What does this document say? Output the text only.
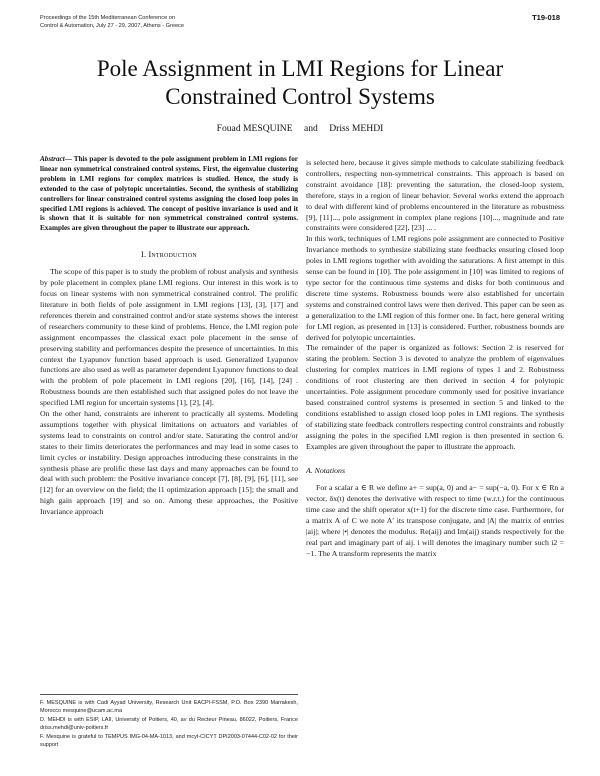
Proceedings of the 15th Mediterranean Conference on
Control & Automation, July 27 - 29, 2007, Athens - Greece
T19-018
Pole Assignment in LMI Regions for Linear
Constrained Control Systems
Fouad MESQUINE and Driss MEHDI
Abstract— This paper is devoted to the pole assignment problem in LMI regions for linear non symmetrical constrained control systems. First, the eigenvalue clustering problem in LMI regions for complex matrices is studied. Hence, the study is extended to the case of polytopic uncertainties. Second, the synthesis of stabilizing controllers for linear constrained control systems assigning the closed loop poles in specified LMI regions is achieved. The concept of positive invariance is used and it is shown that it is suitable for non symmetrical constrained control systems. Examples are given throughout the paper to illustrate our approach.
I. Introduction

The scope of this paper is to study the problem of robust analysis and synthesis by pole placement in complex plane LMI regions. Our interest in this work is to focus on linear systems with non symmetrical constrained control. The prolific literature in both fields of pole assignment in LMI regions [13], [3], [17] and references therein and constrained control and/or state systems shows the interest of researchers community to these kind of problems. Hence, the LMI region pole assignment encompasses the classical exact pole placement in the sense of preserving stability and performances despite the presence of uncertainties. In this context the Lyapunov function based approach is used. Generalized Lyapunov functions are also used as well as parameter dependent Lyapunov functions to deal with the problem of pole placement in LMI regions [20], [16], [14], [24] . Robustness bounds are then established such that assigned poles do not leave the specified LMI region for uncertain systems [1], [2], [4].

On the other hand, constraints are inherent to practically all systems. Modeling assumptions together with physical limitations on actuators and variables of systems lead to constraints on control and/or state. Saturating the control and/or states to their limits deteriorates the performances and may lead in some cases to limit cycles or instability. Design approaches introducing these constraints in the synthesis phase are prolific these last days and many approaches can be found to deal with such problem: the Positive invariance concept [7], [8], [9], [6], [11], see [12] for an overview on the field; the l1 optimization approach [15]; the small and high gain approach [19] and so on. Among these approaches, the Positive Invariance approach

is selected here, because it gives simple methods to calculate stabilizing feedback controllers, respecting non-symmetrical constraints. This approach is based on constraint avoidance [18]: preventing the saturation, the closed-loop system, therefore, stays in a region of linear behavior. Several works extend the approach to deal with different kind of problems encountered in the literature as robustness [9], [11]..., pole assignment in complex plane regions [10]..., magnitude and rate constraints were considered [22], [23] ... .

In this work, techniques of LMI regions pole assignment are connected to Positive Invariance methods to synthesize stabilizing state feedbacks ensuring closed loop poles in LMI regions together with avoiding the saturations. A first attempt in this sense can be found in [10]. The pole assignment in [10] was limited to regions of type sector for the continuous time systems and disks for both continuous and discrete time systems. Robustness bounds were also established for uncertain systems and constrained control laws were then derived. This paper can be seen as a generalization to the LMI region of this former one. In fact, here general writing for LMI region, as presented in [13] is considered. Further, robustness bounds are derived for polytopic uncertainties.

The remainder of the paper is organized as follows: Section 2 is reserved for stating the problem. Section 3 is devoted to analyze the problem of eigenvalues clustering for complex matrices in LMI regions of types 1 and 2. Robustness conditions of root clustering are then derived in section 4 for polytopic uncertainties. Pole assignment procedure commonly used for positive invariance based constrained control systems is presented in section 5 and linked to the conditions established to assign closed loop poles in LMI regions. The synthesis of stabilizing state feedback controllers respecting control constraints and robustly assigning the poles in the specified LMI region is then presented in section 6. Examples are given throughout the paper to illustrate the approach.

A. Notations

For a scalar a ∈ R we define a+ = sup(a, 0) and a− = sup(−a, 0). For x ∈ Rn a vector, δx(t) denotes the derivative with respect to time (w.r.t.) for the continuous time case and the shift operator x(t+1) for the discrete time case. Furthermore, for a matrix A of C we note A′ its transpose conjugate, and |A| the matrix of entries |aij|; where |•| denotes the modulus. Re(aij) and Im(aij) stands respectively for the real part and imaginary part of aij. i will denotes the imaginary number such i2 = −1. The A transform represents the matrix

F. MESQUINE is with Cadi Ayyad University, Research Unit EACPI-FSSM, P.O. Box 2390 Marrakesh, Morocco mesquine@ucam.ac.ma

D. MEHDI is with ESIP, LAII, University of Poitiers, 40, av du Recteur Pineau, 86022, Poitiers, France driss.mehdi@univ-poitiers.fr

F. Mesquine is grateful to TEMPUS IMG-04-MA-1013, and mcyt-CICYT DPI2003-07444-C02-02 for their support
